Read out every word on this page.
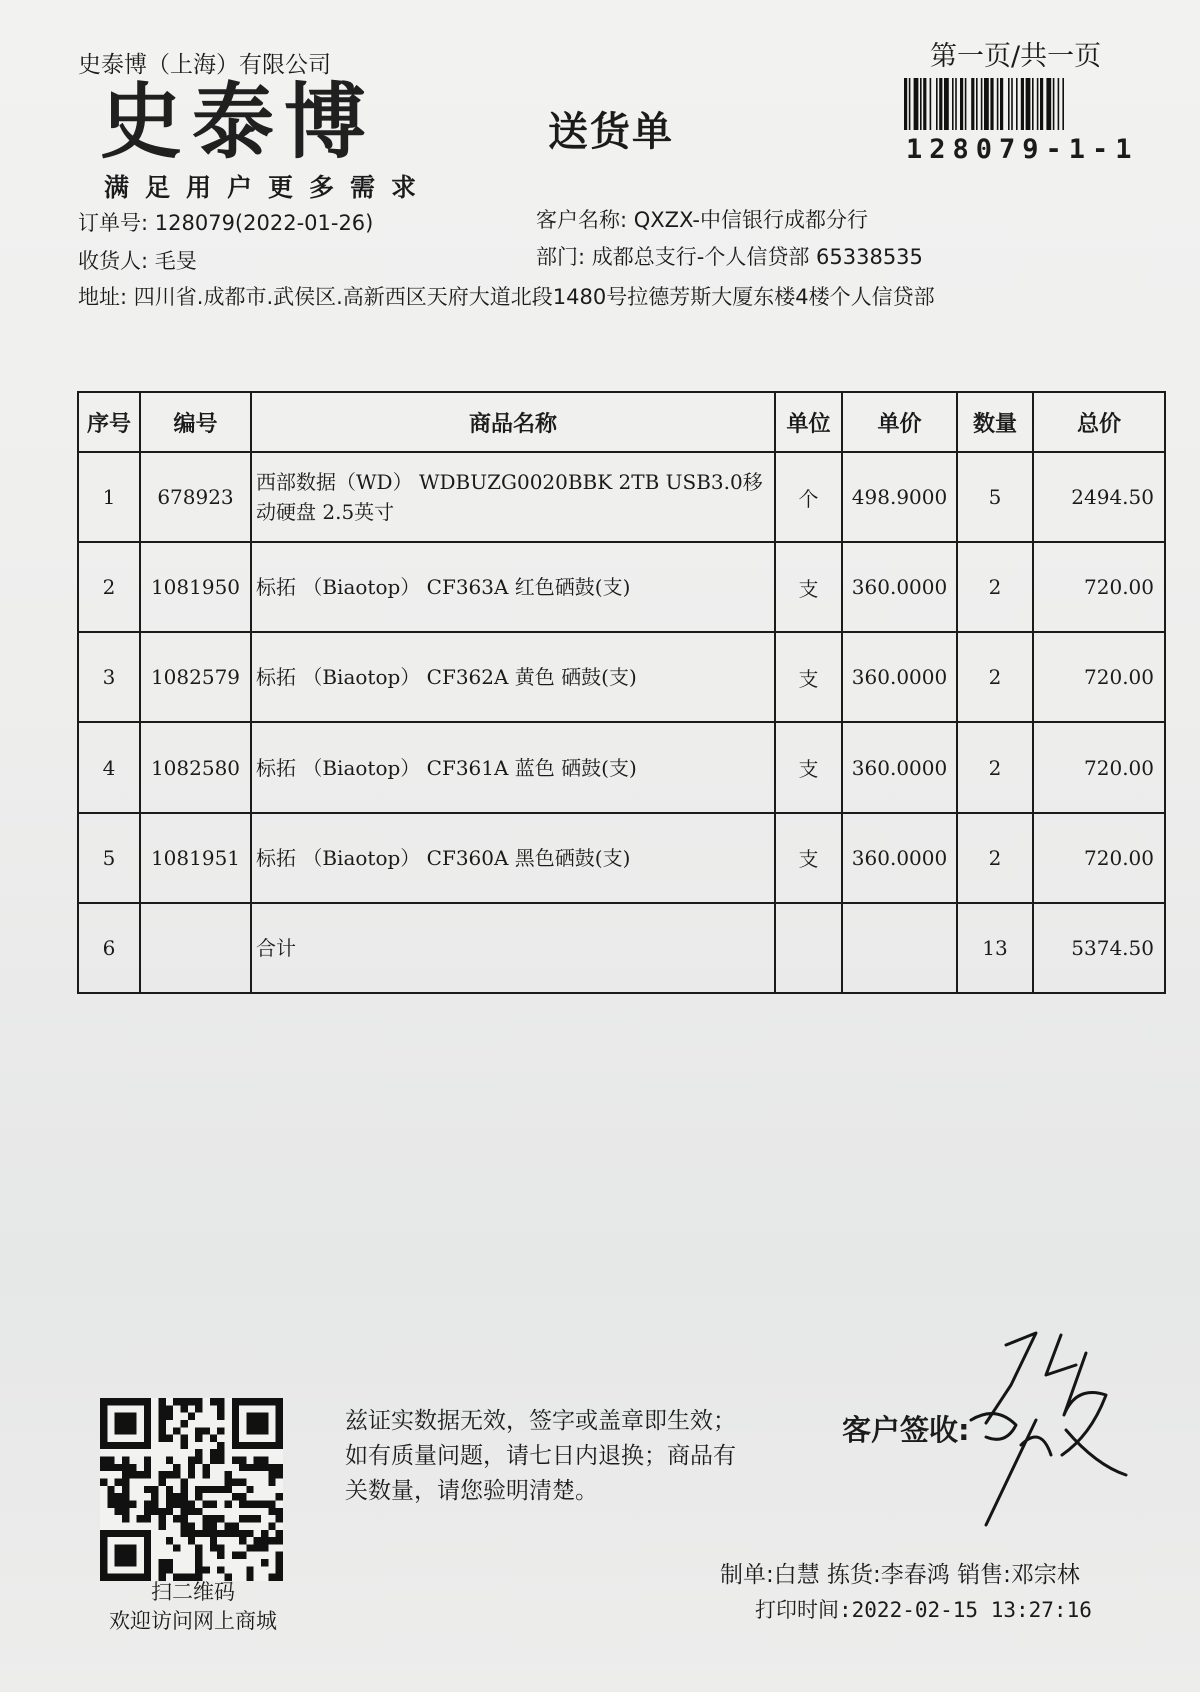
史泰博（上海）有限公司
史泰博
满足用户更多需求
送货单
第一页/共一页
128079-1-1
订单号: 128079(2022-01-26)	客户名称: QXZX-中信银行成都分行
收货人: 毛旻	部门: 成都总支行-个人信贷部 65338535
地址: 四川省.成都市.武侯区.高新西区天府大道北段1480号拉德芳斯大厦东楼4楼个人信贷部
序号	编号	商品名称	单位	单价	数量	总价
1	678923	西部数据（WD） WDBUZG0020BBK 2TB USB3.0移动硬盘 2.5英寸	个	498.9000	5	2494.50
2	1081950	标拓 （Biaotop） CF363A 红色硒鼓(支)	支	360.0000	2	720.00
3	1082579	标拓 （Biaotop） CF362A 黄色 硒鼓(支)	支	360.0000	2	720.00
4	1082580	标拓 （Biaotop） CF361A 蓝色 硒鼓(支)	支	360.0000	2	720.00
5	1081951	标拓 （Biaotop） CF360A 黑色硒鼓(支)	支	360.0000	2	720.00
6		合计			13	5374.50
扫二维码
欢迎访问网上商城
兹证实数据无效，签字或盖章即生效；如有质量问题，请七日内退换；商品有关数量，请您验明清楚。
客户签收:
制单:白慧 拣货:李春鸿 销售:邓宗林
打印时间:2022-02-15 13:27:16
